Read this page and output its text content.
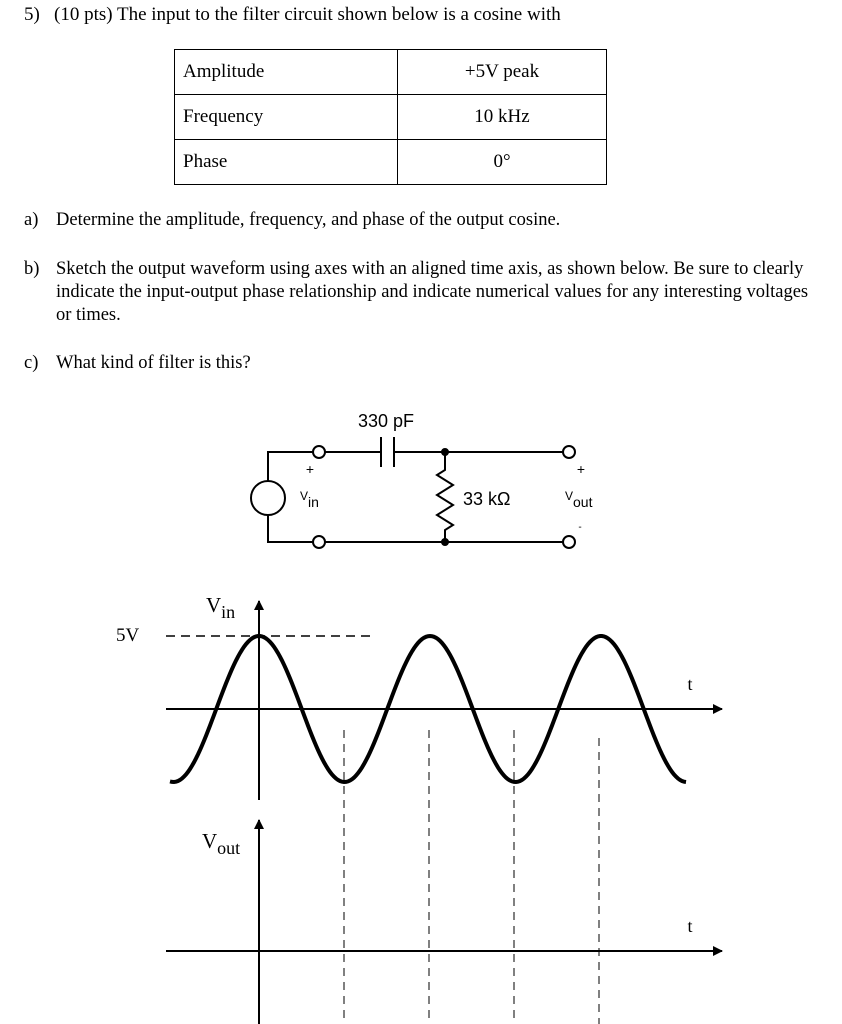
5) (10 pts) The input to the filter circuit shown below is a cosine with
Amplitude	+5V peak
Frequency	10 kHz
Phase	0°
a) Determine the amplitude, frequency, and phase of the output cosine.
b) Sketch the output waveform using axes with an aligned time axis, as shown below. Be sure to clearly indicate the input-output phase relationship and indicate numerical values for any interesting voltages or times.
c) What kind of filter is this?
330 pF
33 kΩ
+
Vin
+
Vout
-
5V
Vin
t
Vout
t
